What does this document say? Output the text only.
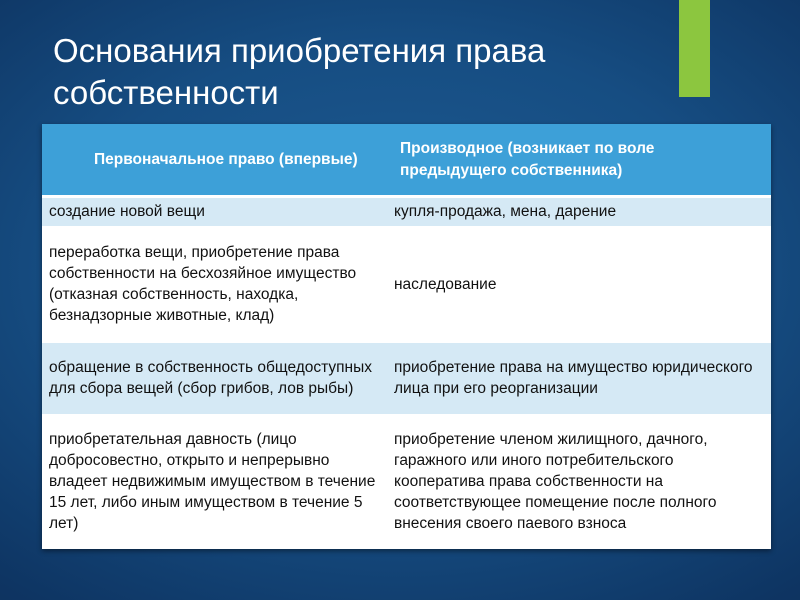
Основания приобретения права собственности
Первоначальное право (впервые)	Производное (возникает по воле предыдущего собственника)
создание новой вещи	купля-продажа, мена, дарение
переработка вещи, приобретение права собственности на бесхозяйное имущество (отказная собственность, находка, безнадзорные животные, клад)	наследование
обращение в собственность общедоступных для сбора вещей (сбор грибов, лов рыбы)	приобретение права на имущество юридического лица при его реорганизации
приобретательная давность (лицо добросовестно, открыто и непрерывно владеет недвижимым имуществом в течение 15 лет, либо иным имуществом в течение 5 лет)	приобретение членом жилищного, дачного, гаражного или иного потребительского кооператива права собственности на соответствующее помещение после полного внесения своего паевого взноса
